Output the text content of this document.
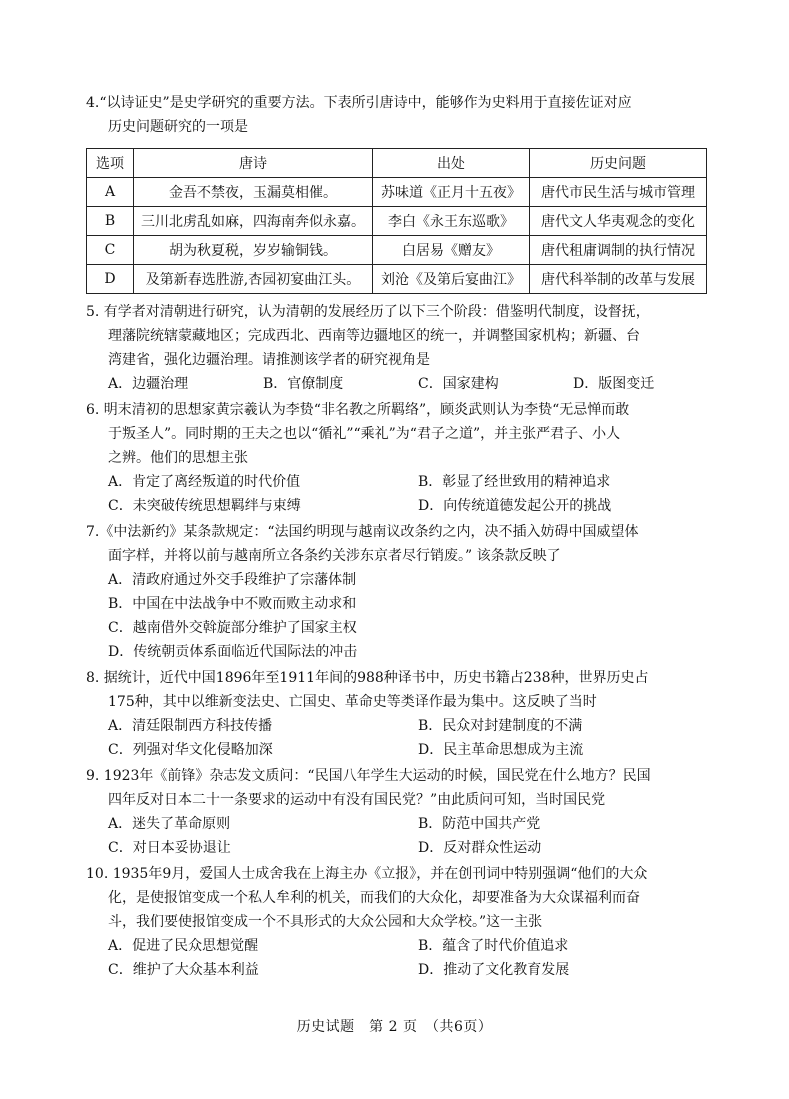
4.“以诗证史”是史学研究的重要方法。下表所引唐诗中，能够作为史料用于直接佐证对应
历史问题研究的一项是
选项	唐诗	出处	历史问题
A	金吾不禁夜，玉漏莫相催。	苏味道《正月十五夜》	唐代市民生活与城市管理
B	三川北虏乱如麻，四海南奔似永嘉。	李白《永王东巡歌》	唐代文人华夷观念的变化
C	胡为秋夏税，岁岁输铜钱。	白居易《赠友》	唐代租庸调制的执行情况
D	及第新春选胜游,杏园初宴曲江头。	刘沧《及第后宴曲江》	唐代科举制的改革与发展
5. 有学者对清朝进行研究，认为清朝的发展经历了以下三个阶段：借鉴明代制度，设督抚，
理藩院统辖蒙藏地区；完成西北、西南等边疆地区的统一，并调整国家机构；新疆、台
湾建省，强化边疆治理。请推测该学者的研究视角是
A．边疆治理	B．官僚制度	C．国家建构	D．版图变迁
6. 明末清初的思想家黄宗羲认为李贽“非名教之所羁络”，顾炎武则认为李贽“无忌惮而敢
于叛圣人”。同时期的王夫之也以“循礼”“乘礼”为“君子之道”，并主张严君子、小人
之辨。他们的思想主张
A．肯定了离经叛道的时代价值	B．彰显了经世致用的精神追求
C．未突破传统思想羁绊与束缚	D．向传统道德发起公开的挑战
7.《中法新约》某条款规定：“法国约明现与越南议改条约之内，决不插入妨碍中国威望体
面字样，并将以前与越南所立各条约关涉东京者尽行销废。” 该条款反映了
A．清政府通过外交手段维护了宗藩体制
B．中国在中法战争中不败而败主动求和
C．越南借外交斡旋部分维护了国家主权
D．传统朝贡体系面临近代国际法的冲击
8. 据统计，近代中国1896年至1911年间的988种译书中，历史书籍占238种，世界历史占
175种，其中以维新变法史、亡国史、革命史等类译作最为集中。这反映了当时
A．清廷限制西方科技传播	B．民众对封建制度的不满
C．列强对华文化侵略加深	D．民主革命思想成为主流
9. 1923年《前锋》杂志发文质问：“民国八年学生大运动的时候，国民党在什么地方？民国
四年反对日本二十一条要求的运动中有没有国民党？”由此质问可知，当时国民党
A．迷失了革命原则	B．防范中国共产党
C．对日本妥协退让	D．反对群众性运动
10. 1935年9月，爱国人士成舍我在上海主办《立报》，并在创刊词中特别强调“他们的大众
化，是使报馆变成一个私人牟利的机关，而我们的大众化，却要准备为大众谋福利而奋
斗，我们要使报馆变成一个不具形式的大众公园和大众学校。”这一主张
A．促进了民众思想觉醒	B．蕴含了时代价值追求
C．维护了大众基本利益	D．推动了文化教育发展
历史试题　第 2 页　（共6页）
